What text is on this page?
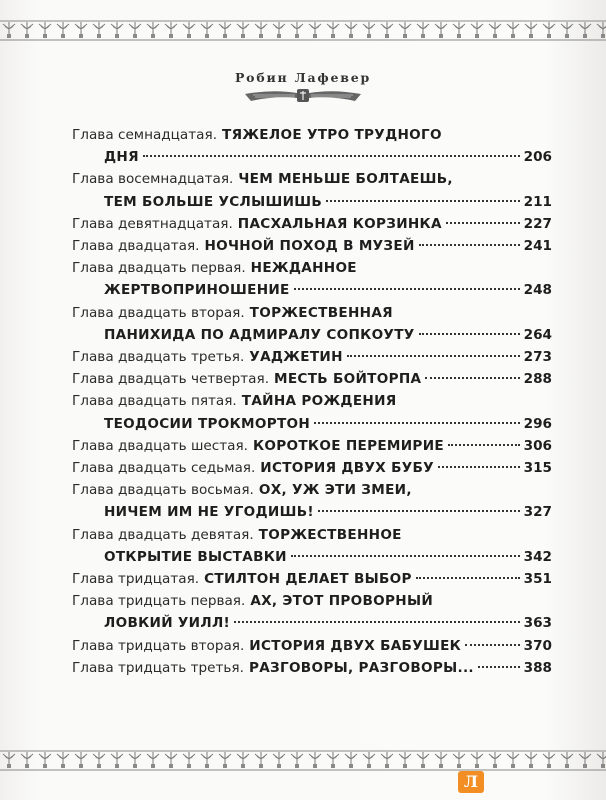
Робин Лафевер
Глава семнадцатая. ТЯЖЕЛОЕ УТРО ТРУДНОГО
ДНЯ	206
Глава восемнадцатая. ЧЕМ МЕНЬШЕ БОЛТАЕШЬ,
ТЕМ БОЛЬШЕ УСЛЫШИШЬ	211
Глава девятнадцатая. ПАСХАЛЬНАЯ КОРЗИНКА	227
Глава двадцатая. НОЧНОЙ ПОХОД В МУЗЕЙ	241
Глава двадцать первая. НЕЖДАННОЕ
ЖЕРТВОПРИНОШЕНИЕ	248
Глава двадцать вторая. ТОРЖЕСТВЕННАЯ
ПАНИХИДА ПО АДМИРАЛУ СОПКОУТУ	264
Глава двадцать третья. УАДЖЕТИН	273
Глава двадцать четвертая. МЕСТЬ БОЙТОРПА	288
Глава двадцать пятая. ТАЙНА РОЖДЕНИЯ
ТЕОДОСИИ ТРОКМОРТОН	296
Глава двадцать шестая. КОРОТКОЕ ПЕРЕМИРИЕ	306
Глава двадцать седьмая. ИСТОРИЯ ДВУХ БУБУ	315
Глава двадцать восьмая. ОХ, УЖ ЭТИ ЗМЕИ,
НИЧЕМ ИМ НЕ УГОДИШЬ!	327
Глава двадцать девятая. ТОРЖЕСТВЕННОЕ
ОТКРЫТИЕ ВЫСТАВКИ	342
Глава тридцатая. СТИЛТОН ДЕЛАЕТ ВЫБОР	351
Глава тридцать первая. АХ, ЭТОТ ПРОВОРНЫЙ
ЛОВКИЙ УИЛЛ!	363
Глава тридцать вторая. ИСТОРИЯ ДВУХ БАБУШЕК	370
Глава тридцать третья. РАЗГОВОРЫ, РАЗГОВОРЫ...	388
Л
